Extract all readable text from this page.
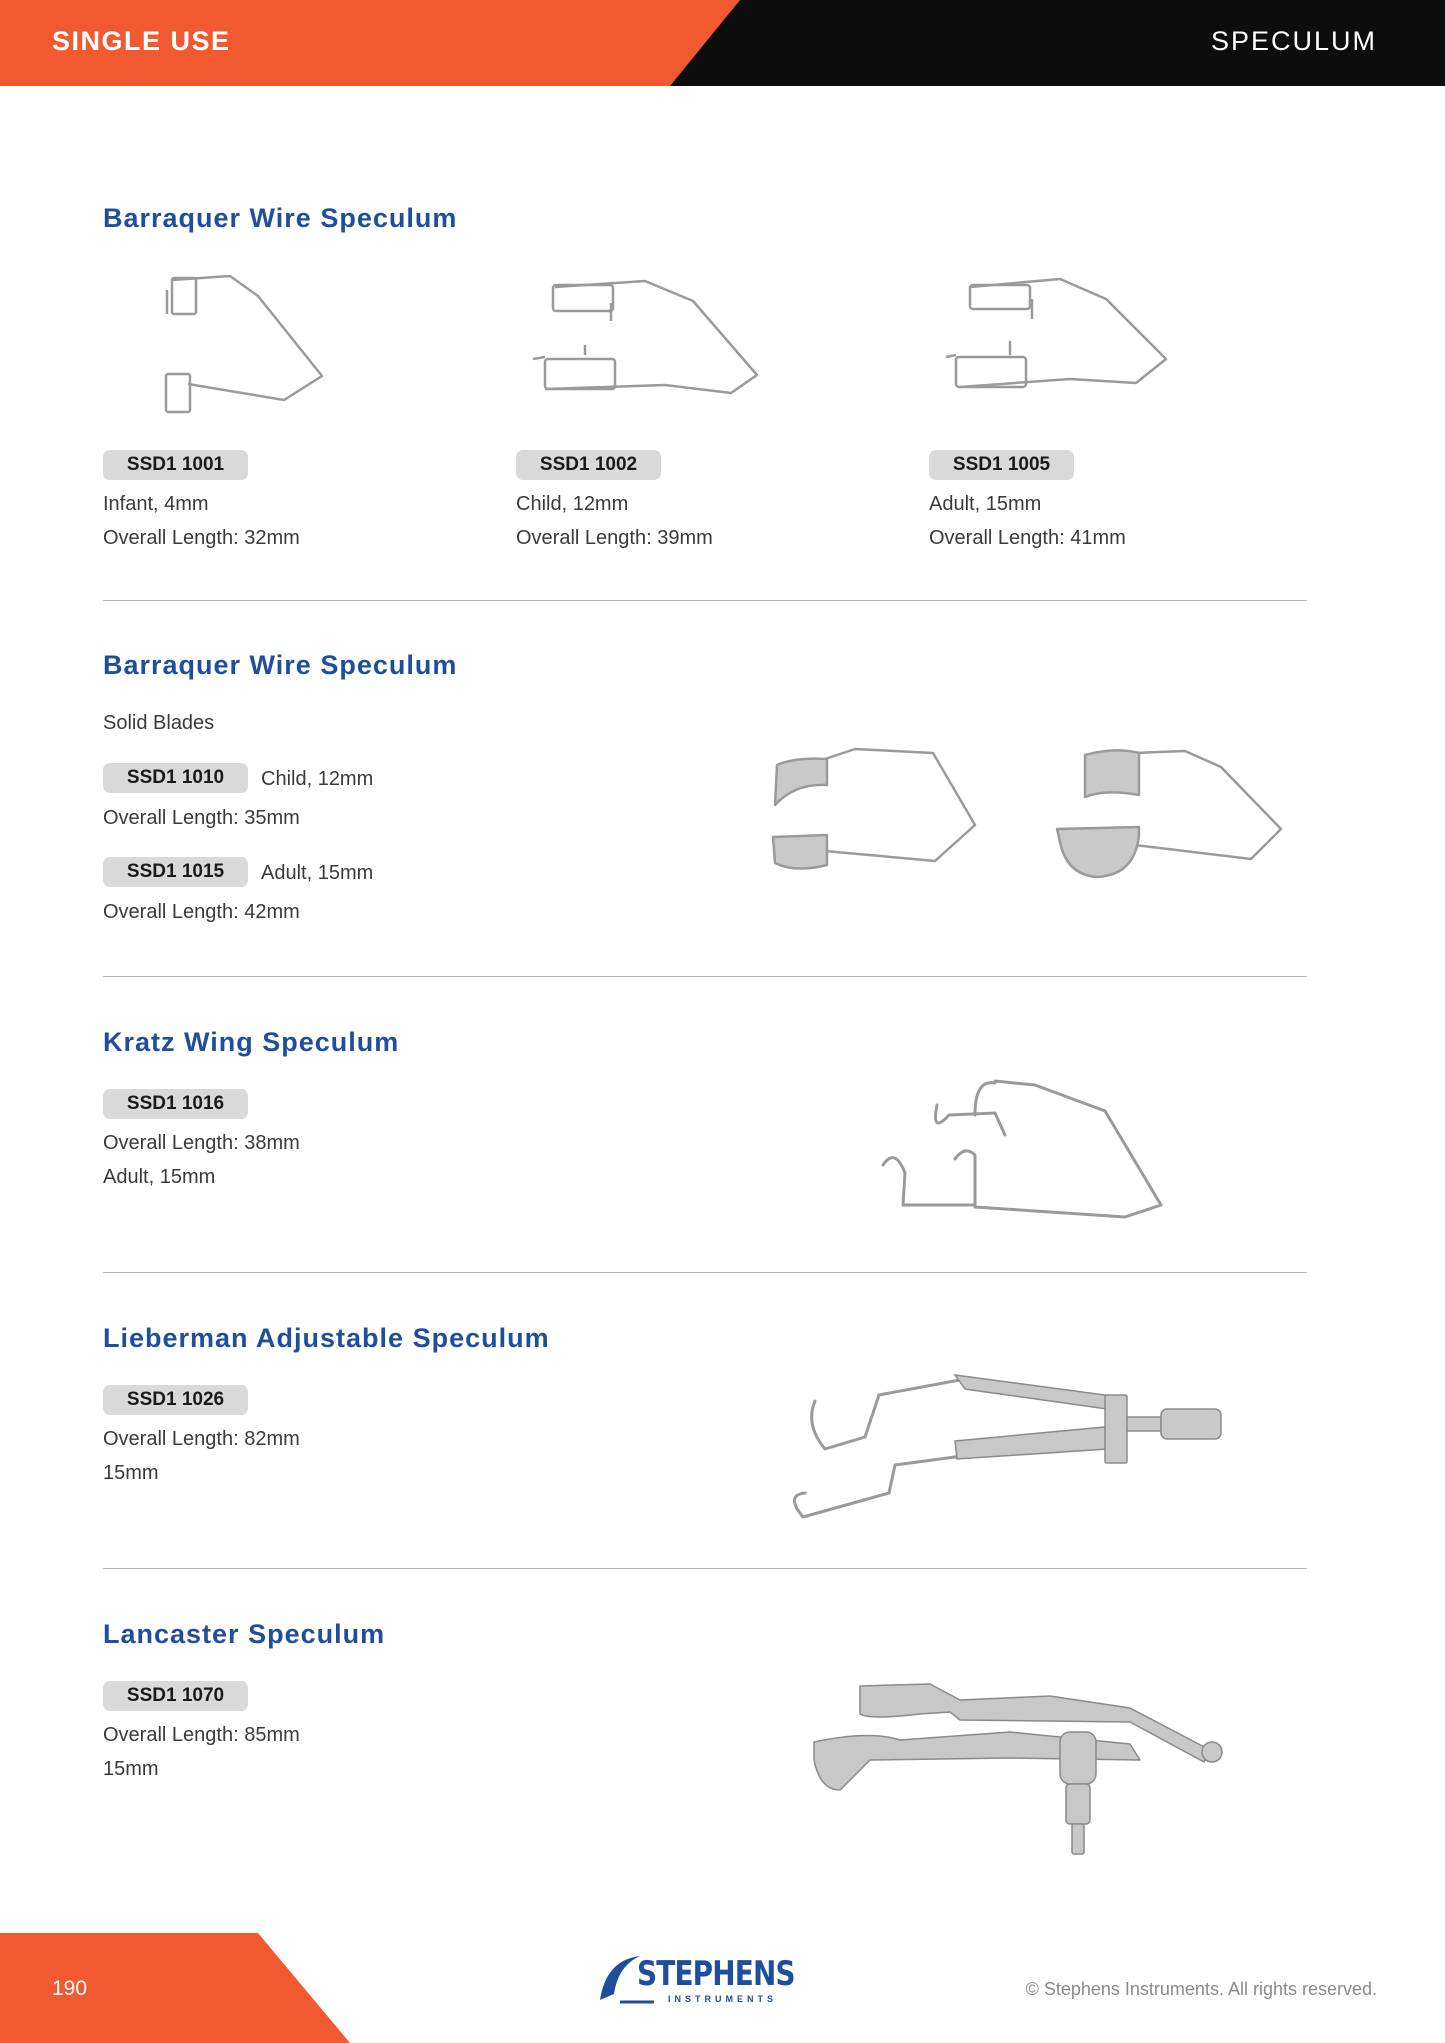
SINGLE USE	SPECULUM
Barraquer Wire Speculum
SSD1 1001
Infant, 4mm
Overall Length: 32mm
SSD1 1002
Child, 12mm
Overall Length: 39mm
SSD1 1005
Adult, 15mm
Overall Length: 41mm
Barraquer Wire Speculum
Solid Blades
SSD1 1010	Child, 12mm
Overall Length: 35mm
SSD1 1015	Adult, 15mm
Overall Length: 42mm
Kratz Wing Speculum
SSD1 1016
Overall Length: 38mm
Adult, 15mm
Lieberman Adjustable Speculum
SSD1 1026
Overall Length: 82mm
15mm
Lancaster Speculum
SSD1 1070
Overall Length: 85mm
15mm
190	STEPHENS
INSTRUMENTS	© Stephens Instruments. All rights reserved.
